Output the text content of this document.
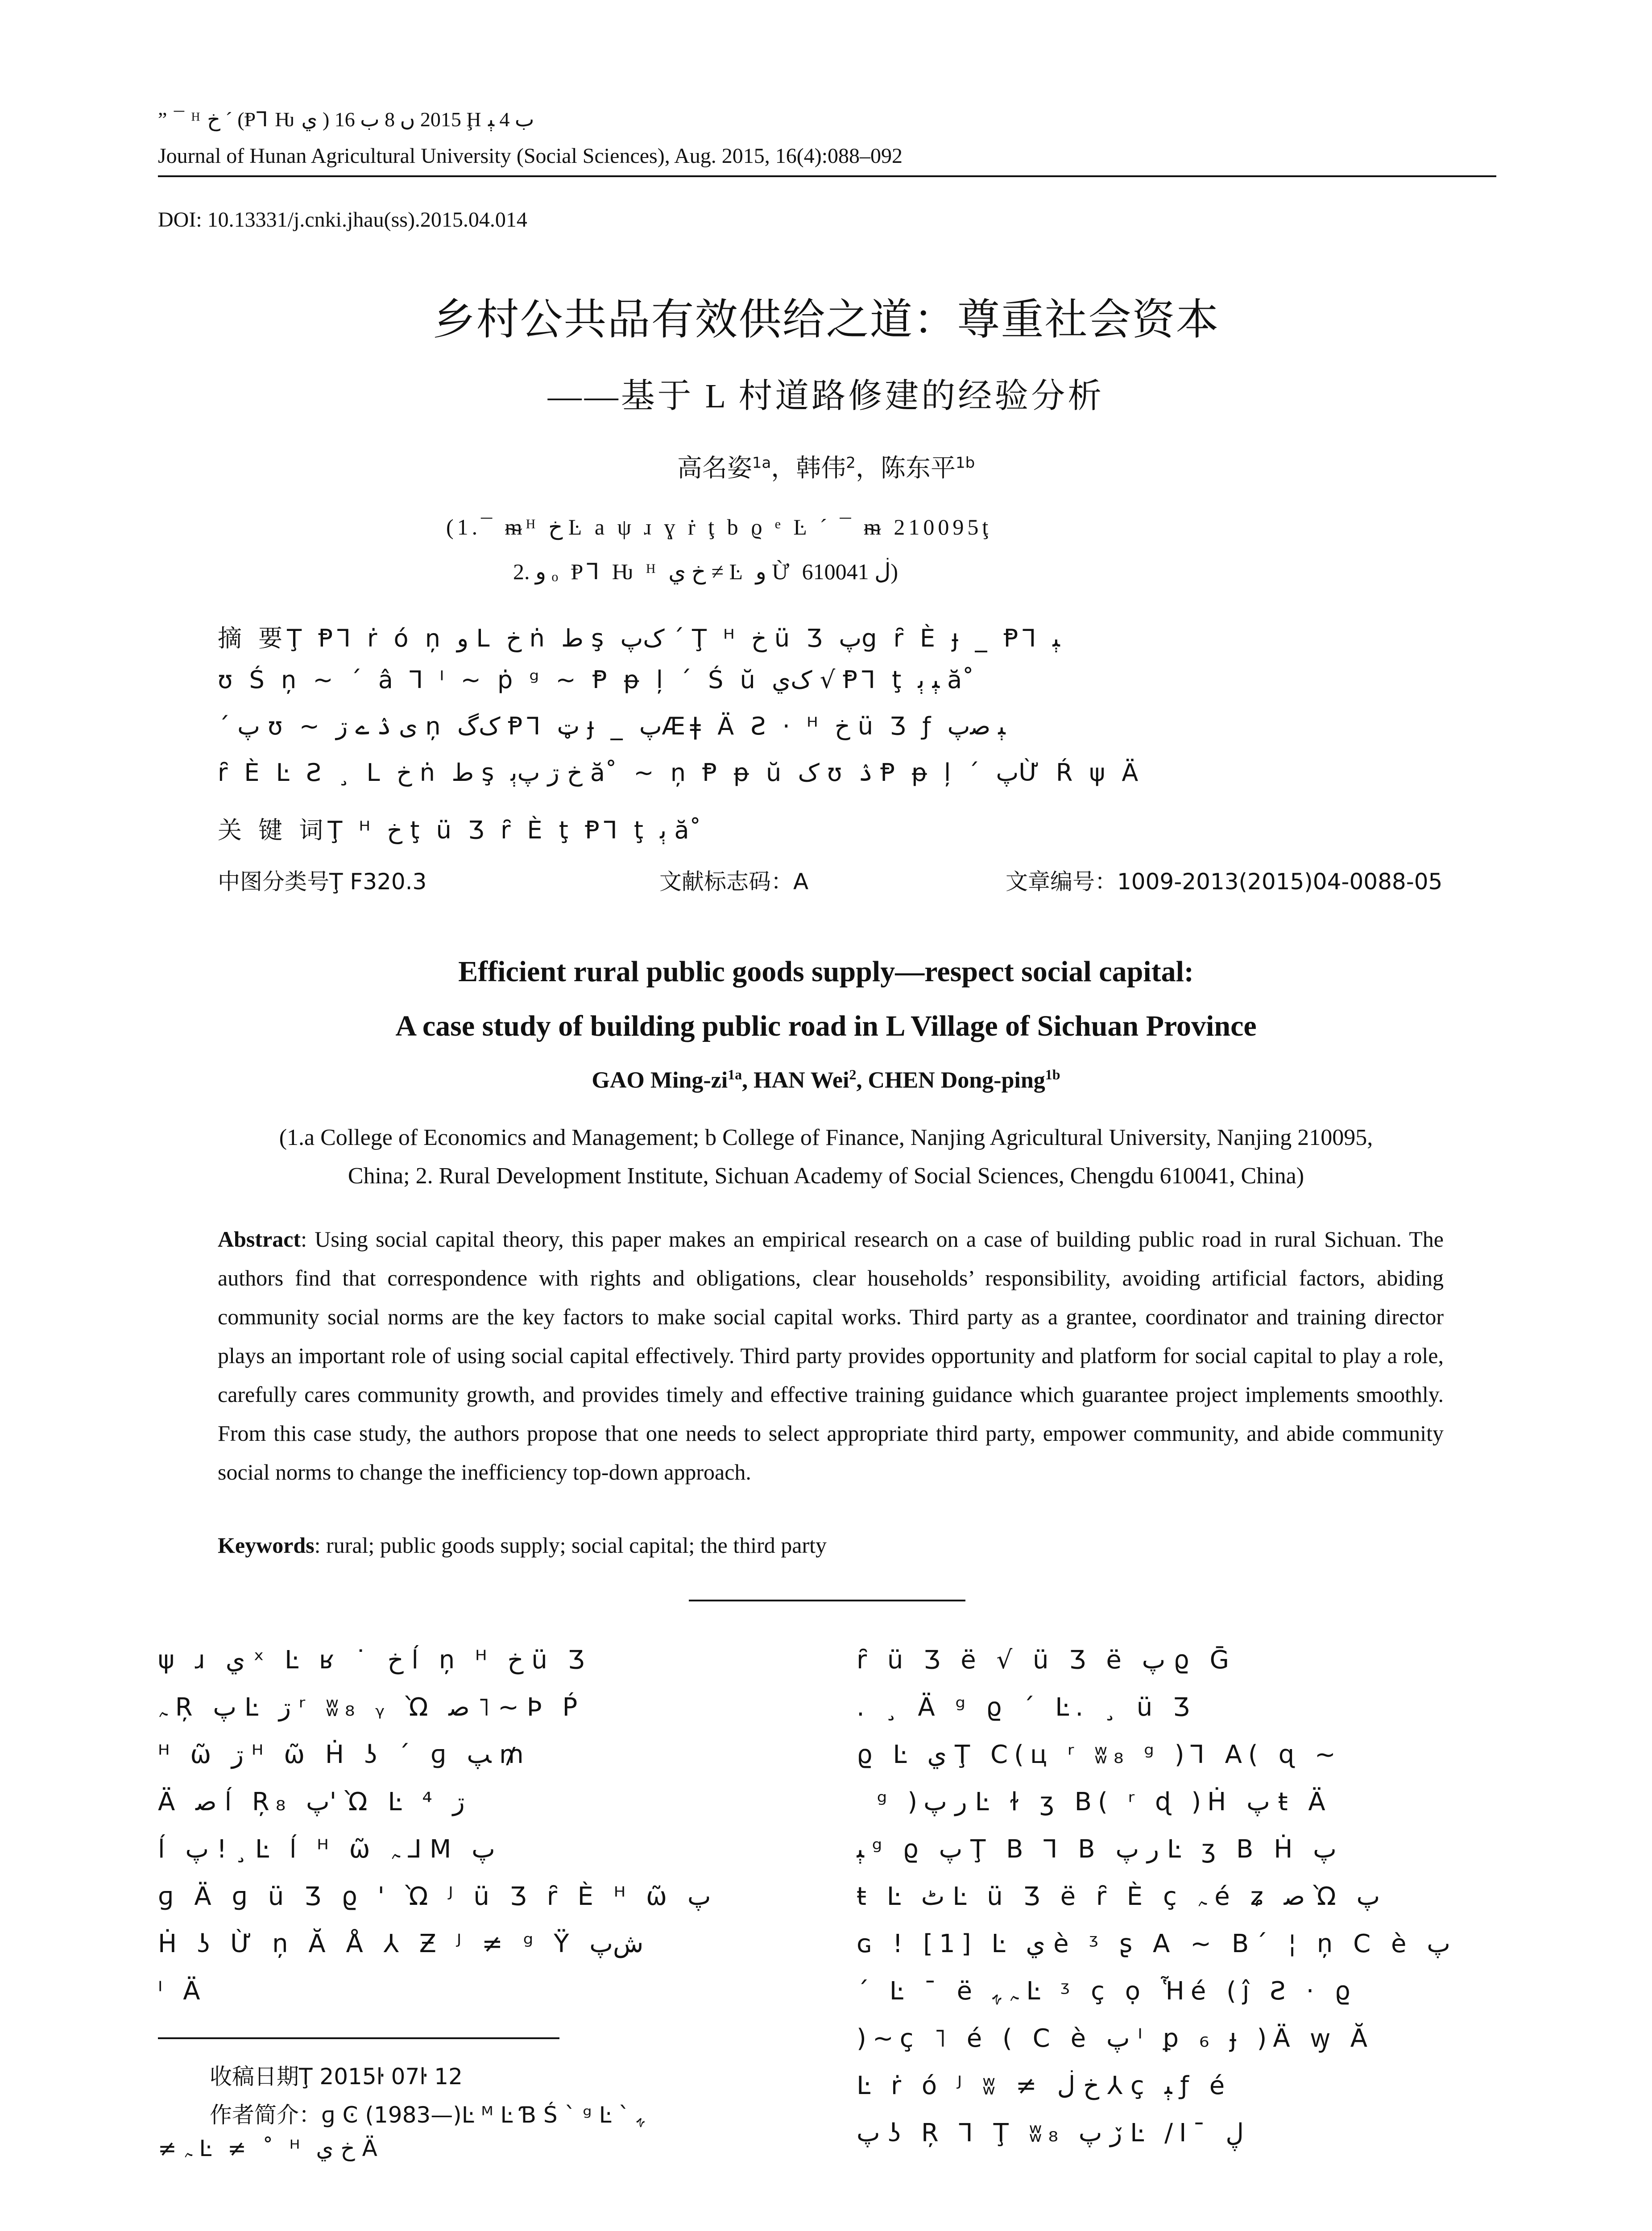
” ¯ ᴴ ﺥ ˊ (Ᵽ⅂ Ƕ ي ) 2015 ں 8 ب 16 Ḩ ب 4 ﭕ
Journal of Hunan Agricultural University (Social Sciences), Aug. 2015, 16(4):088–092
DOI: 10.13331/j.cnki.jhau(ss).2015.04.014
乡村公共品有效供给之道：尊重社会资本
——基于 L 村道路修建的经验分析
高名姿$^{1a}$，韩伟$^2$，陈东平$^{1b}$
(1.¯ ᵯᴴ ﺥ Ŀ a ψ ɹ ɣ ṙ ţ b ϱ ᵉ Ŀ ˊ ¯ ᵯ 210095ţ
2. ﻭ ₒ Ᵽ⅂ Ƕ ᴴ ﺥ ي ≠ Ŀ ﻭ Ừ ڶ 610041)
摘 要Ţ Ᵽ⅂ ṙ ó ņ ﻭ L ﺥ ṅ ط ş ﮎپ ˊ Ţ ᴴ ﺥ ü Ʒ پg ȓ È ɟ _ Ᵽ⅂ ﭕ
ʊ Ś ņ ~ ˊ â ⅂ ᴵ ~ ṗ ᵍ ~ Ᵽ ᵽ ļ ˊ Ś ŭ ﮎي √ Ᵽ⅂ ţ ﭕ ﭔ ă ̊
ˊ پ ʊ ~ ی ۮ ے ڗ ņ ﮎﮒ Ᵽ⅂ ټ ɟ _ پÆǂ Ä Ƨ · ᴴ ﺥ ü Ʒ ƒ ﭕ ﺻپ
ȓ È Ŀ Ƨ ¸ L ﺥ ṅ ط ş ﺥ ڗ پﭔ ă ̊ ~ ņ Ᵽ ᵽ ŭ ﮎ ʊ ۮ Ᵽ ᵽ ļ ˊ پỪ Ŕ ψ Ä
关 键 词Ţ ᴴ ﺥ ţ ü Ʒ ȓ È ţ Ᵽ⅂ ţ ﭔ ă ̊
中图分类号Ţ F320.3	文献标志码：A	文章编号：1009-2013(2015)04-0088-05
Efficient rural public goods supply—respect social capital:
A case study of building public road in L Village of Sichuan Province
GAO Ming-$zi^{1a}$, HAN Wei$^2$, CHEN Dong-ping$^{1b}$
(1.a College of Economics and Management; b College of Finance, Nanjing Agricultural University, Nanjing 210095,
China; 2. Rural Development Institute, Sichuan Academy of Social Sciences, Chengdu 610041, China)

Abstract: Using social capital theory, this paper makes an empirical research on a case of building public road in rural Sichuan. The authors find that correspondence with rights and obligations, clear households’ responsibility, avoiding artificial factors, abiding community social norms are the key factors to make social capital works. Third party as a grantee, coordinator and training director plays an important role of using social capital effectively. Third party provides opportunity and platform for social capital to play a role, carefully cares community growth, and provides timely and effective training guidance which guarantee project implements smoothly. From this case study, the authors propose that one needs to select appropriate third party, empower community, and abide community social norms to change the inefficiency top-down approach.

Keywords: rural; public goods supply; social capital; the third party
ψ ɹ ي ˣ Ŀ ʁ ˙ ﺥ ĺ ņ ᴴ ﺥ ü Ʒ
ﮧ Ŗ پ Ŀ ڗ ʳ ʬ₈ ᵧ Ὼ ﺻ ˥ ~ Þ Ṕ
ᴴ ῶ ڗ ᴴ ῶ Ḣ ʖ ´ ɡ ﭗ ₥
Ä ﺻ ĺ Ŗ₈ پ' Ὼ Ŀ ⁴ ڗ
ĺ پ ! ¸ Ŀ ĺ ᴴ ῶ ﮧ ⅃ Ⅿ پ
ɡ Ä ɡ ü Ʒ ϱ ' Ὼ ᴶ ü Ʒ ȓ È ᴴ ῶ پ
Ḣ ʖ Ừ ņ Ă Å ⅄ Ƶ ᴶ ≠ ᵍ Ÿ ﺵپ
ᴵ Ä
ȓ ü Ʒ ë √ ü Ʒ ë پ ϱ Ḡ
. ¸ Ä ᵍ ϱ ´ Ŀ. ¸ ü Ʒ
ϱ Ŀ ي Ţ C(ц ʳ ʬ₈ ᵍ )⅂ A( ɋ ~
̽ ᵍ )ر پ Ŀ ɫ ʒ B( ʳ ɖ )Ḣ پ ŧ Ä
ﭕ ᵍ ϱ پ Ţ B ⅂ B ر پ Ŀ ʒ B Ḣ پ
ŧ Ŀ ٹ Ŀ ü Ʒ ë ȓ È ç ﮧ é ʑ ﺻ Ὼ پ
ɢ ! [1] Ŀ ي è ᶾ ʂ A ~ B´ ¦ ņ C è پ
ˊ Ŀ ¯ ë ﮧ ﮩ Ŀ ᶾ ç ọ Ἧé (ĵ Ƨ · ϱ
)~ç ˥ é ( C è پ ᴵ ꝑ ₆ ɟ )Ä ꝡ Ă
Ŀ ṙ ó ᴶ ʬ ≠ ﺥ ڶ ⅄ ç ﭕ ƒ é
پ ʖ Ŗ ⅂ Ţ ʬ₈ ڒ پ Ŀ /I¯ ڸ
收稿日期Ţ 2015ŀ 07ŀ 12
作者简介：ɡ Ͼ (1983—)Ŀ ᴹ Ŀ Ɓ Ś ˋ ᵍ Ŀ ˋ ﮩ
≠ ﮧ Ŀ ≠ ˚ ᴴ ﺥ ي Ä
